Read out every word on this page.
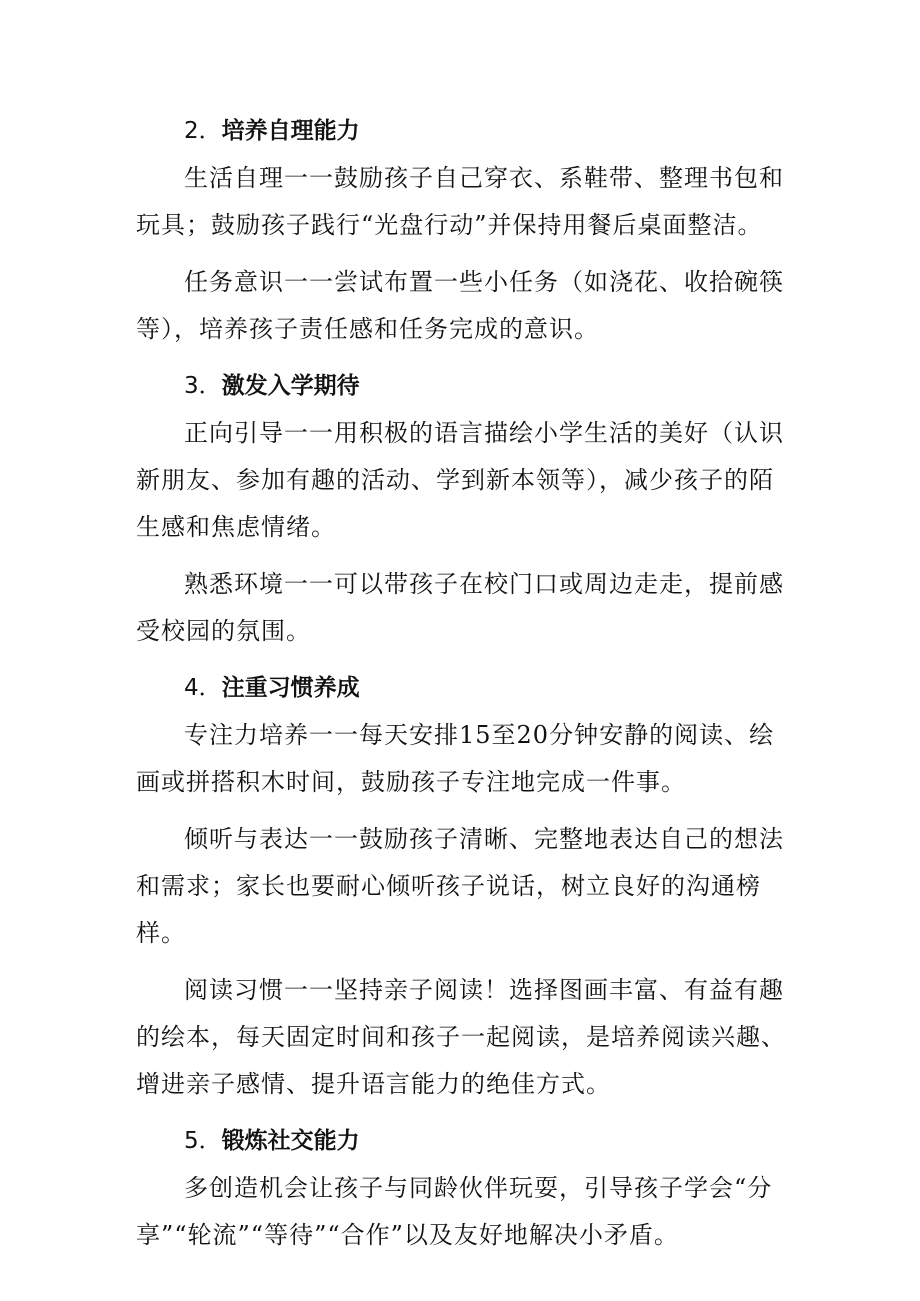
2．培养自理能力

生活自理一一鼓励孩子自己穿衣、系鞋带、整理书包和玩具；鼓励孩子践行“光盘行动”并保持用餐后桌面整洁。

任务意识一一尝试布置一些小任务（如浇花、收拾碗筷等），培养孩子责任感和任务完成的意识。

3．激发入学期待

正向引导一一用积极的语言描绘小学生活的美好（认识新朋友、参加有趣的活动、学到新本领等），减少孩子的陌生感和焦虑情绪。

熟悉环境一一可以带孩子在校门口或周边走走，提前感受校园的氛围。

4．注重习惯养成

专注力培养一一每天安排15至20分钟安静的阅读、绘画或拼搭积木时间，鼓励孩子专注地完成一件事。

倾听与表达一一鼓励孩子清晰、完整地表达自己的想法和需求；家长也要耐心倾听孩子说话，树立良好的沟通榜样。

阅读习惯一一坚持亲子阅读！选择图画丰富、有益有趣的绘本，每天固定时间和孩子一起阅读，是培养阅读兴趣、增进亲子感情、提升语言能力的绝佳方式。

5．锻炼社交能力

多创造机会让孩子与同龄伙伴玩耍，引导孩子学会“分享”“轮流”“等待”“合作”以及友好地解决小矛盾。
